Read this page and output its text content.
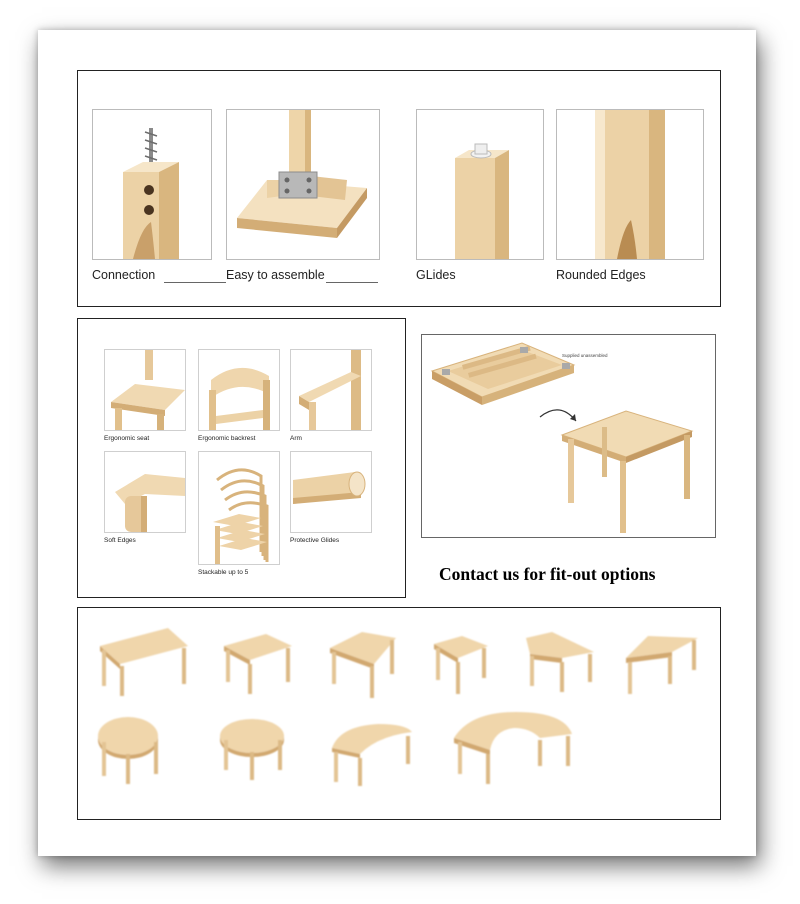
Connection	Easy to assemble	GLides	Rounded Edges
Ergonomic seat	Ergonomic backrest	Arm
Soft Edges
Stackable up to 5
Protective Glides
Supplied unassembled
Contact us for fit-out options
